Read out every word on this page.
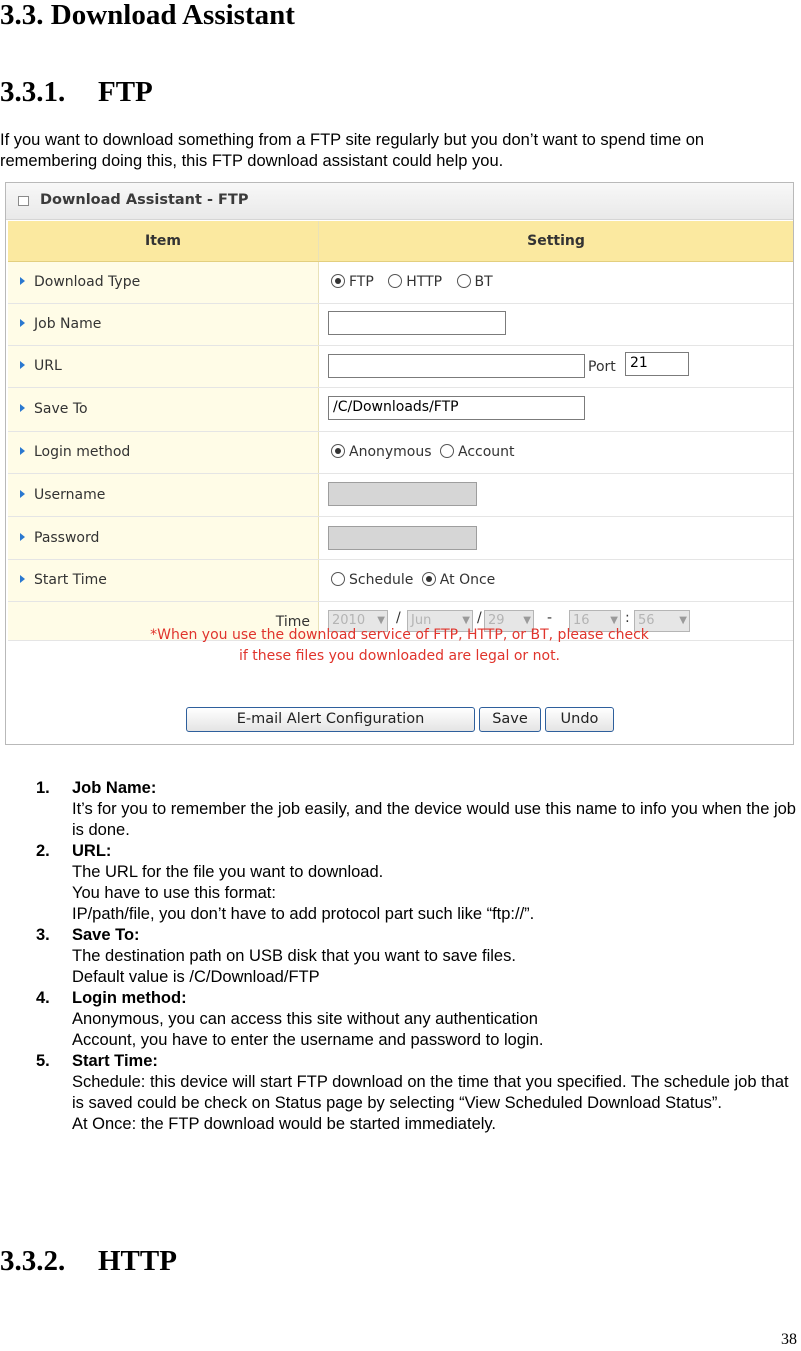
3.3. Download Assistant
3.3.1. FTP
If you want to download something from a FTP site regularly but you don’t want to spend time on remembering doing this, this FTP download assistant could help you.
Download Assistant - FTP
Item	Setting
Download Type	FTP HTTP BT
Job Name
URL	Port	21
Save To	/C/Downloads/FTP
Login method	Anonymous Account
Username
Password
Start Time	Schedule At Once
Time	2010 ▼ / Jun	▼ / 29 ▼ -	16 ▼ : 56 ▼
*When you use the download service of FTP, HTTP, or BT, please check
if these files you downloaded are legal or not.
E-mail Alert Configuration	Save	Undo
1. Job Name:
It’s for you to remember the job easily, and the device would use this name to info you when the job is done.
2. URL:
The URL for the file you want to download.
You have to use this format:
IP/path/file, you don’t have to add protocol part such like “ftp://”.
3. Save To:
The destination path on USB disk that you want to save files.
Default value is /C/Download/FTP
4. Login method:
Anonymous, you can access this site without any authentication
Account, you have to enter the username and password to login.
5. Start Time:
Schedule: this device will start FTP download on the time that you specified. The schedule job that is saved could be check on Status page by selecting “View Scheduled Download Status”.
At Once: the FTP download would be started immediately.
3.3.2. HTTP
38
